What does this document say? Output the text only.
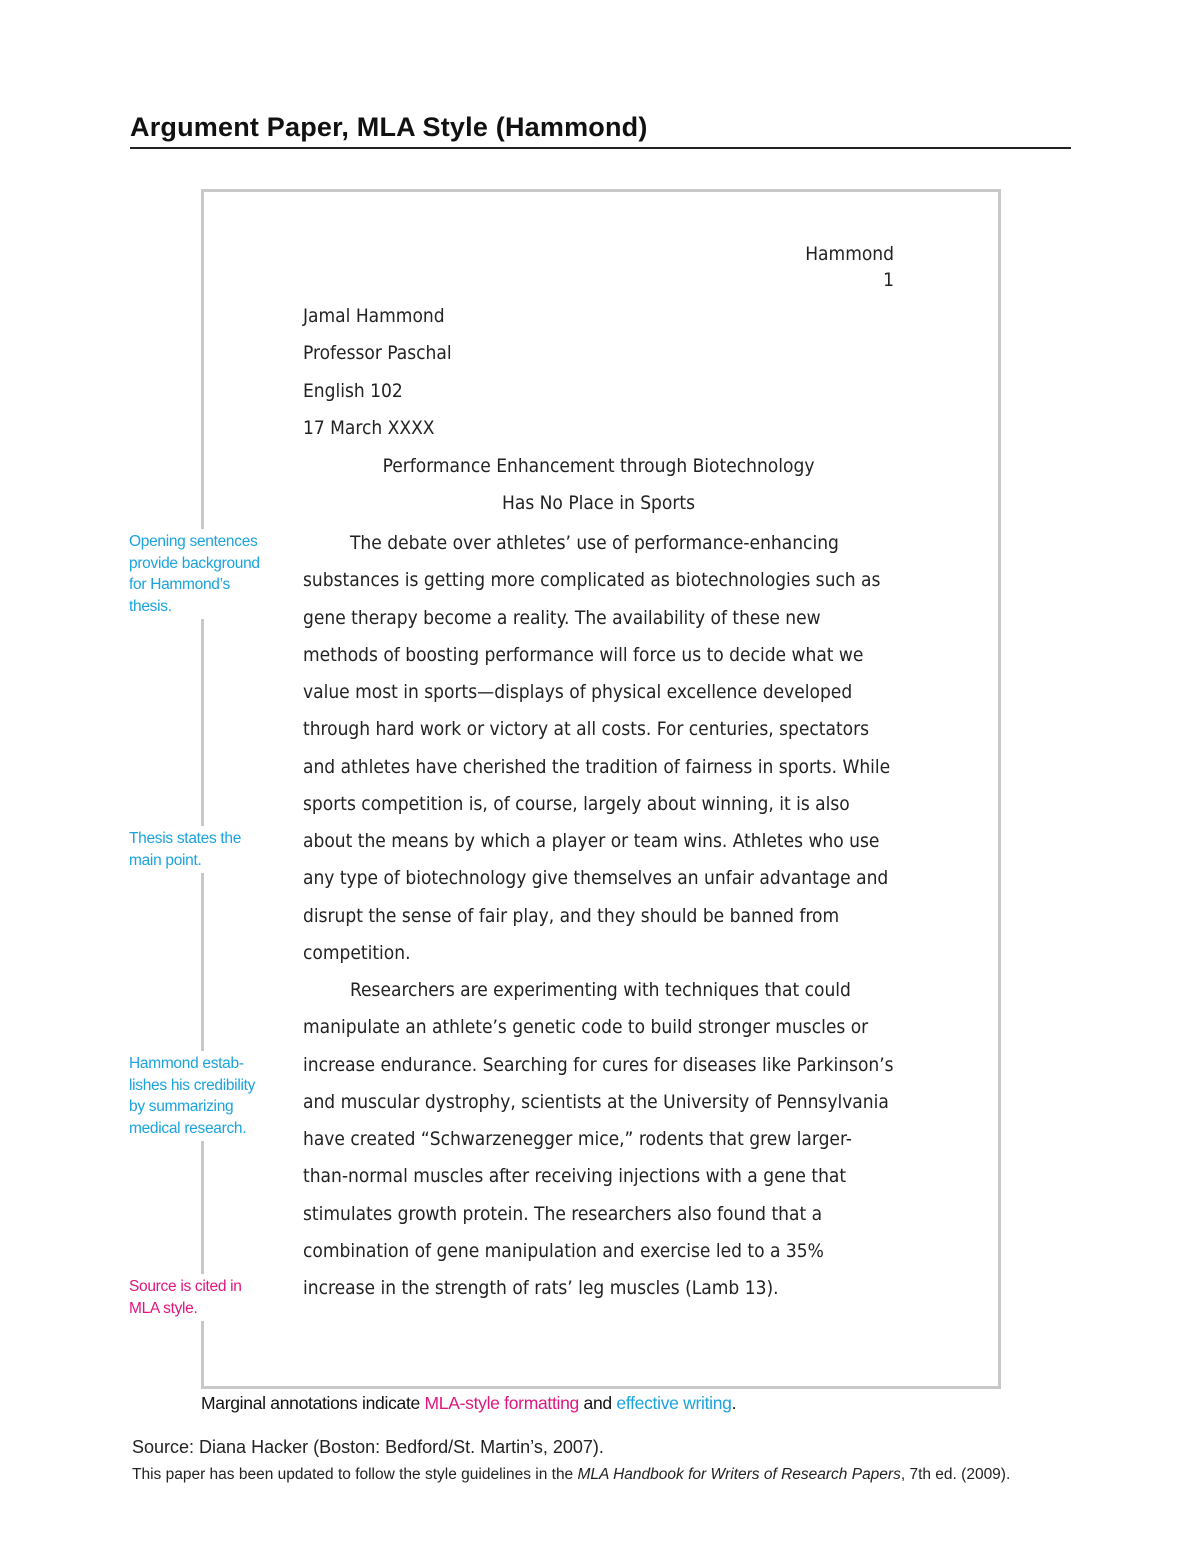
Argument Paper, MLA Style (Hammond)
Hammond 1
Jamal Hammond
Professor Paschal
English 102
17 March XXXX
Performance Enhancement through Biotechnology
Has No Place in Sports

The debate over athletes’ use of performance-enhancing substances is getting more complicated as biotechnologies such as gene therapy become a reality. The availability of these new methods of boosting performance will force us to decide what we value most in sports—displays of physical excellence developed through hard work or victory at all costs. For centuries, spectators and athletes have cherished the tradition of fairness in sports. While sports competition is, of course, largely about winning, it is also about the means by which a player or team wins. Athletes who use any type of biotechnology give themselves an unfair advantage and disrupt the sense of fair play, and they should be banned from competition.

Researchers are experimenting with techniques that could manipulate an athlete’s genetic code to build stronger muscles or increase endurance. Searching for cures for diseases like Parkinson’s and muscular dystrophy, scientists at the University of Pennsylvania have created “Schwarzenegger mice,” rodents that grew larger-than-normal muscles after receiving injections with a gene that stimulates growth protein. The researchers also found that a combination of gene manipulation and exercise led to a 35% increase in the strength of rats’ leg muscles (Lamb 13).

Opening sentences provide background for Hammond’s thesis.
Thesis states the main point.
Hammond estab-lishes his credibility by summarizing medical research.
Source is cited in MLA style.
Marginal annotations indicate MLA-style formatting and effective writing.
Source: Diana Hacker (Boston: Bedford/St. Martin’s, 2007).
This paper has been updated to follow the style guidelines in the MLA Handbook for Writers of Research Papers, 7th ed. (2009).
